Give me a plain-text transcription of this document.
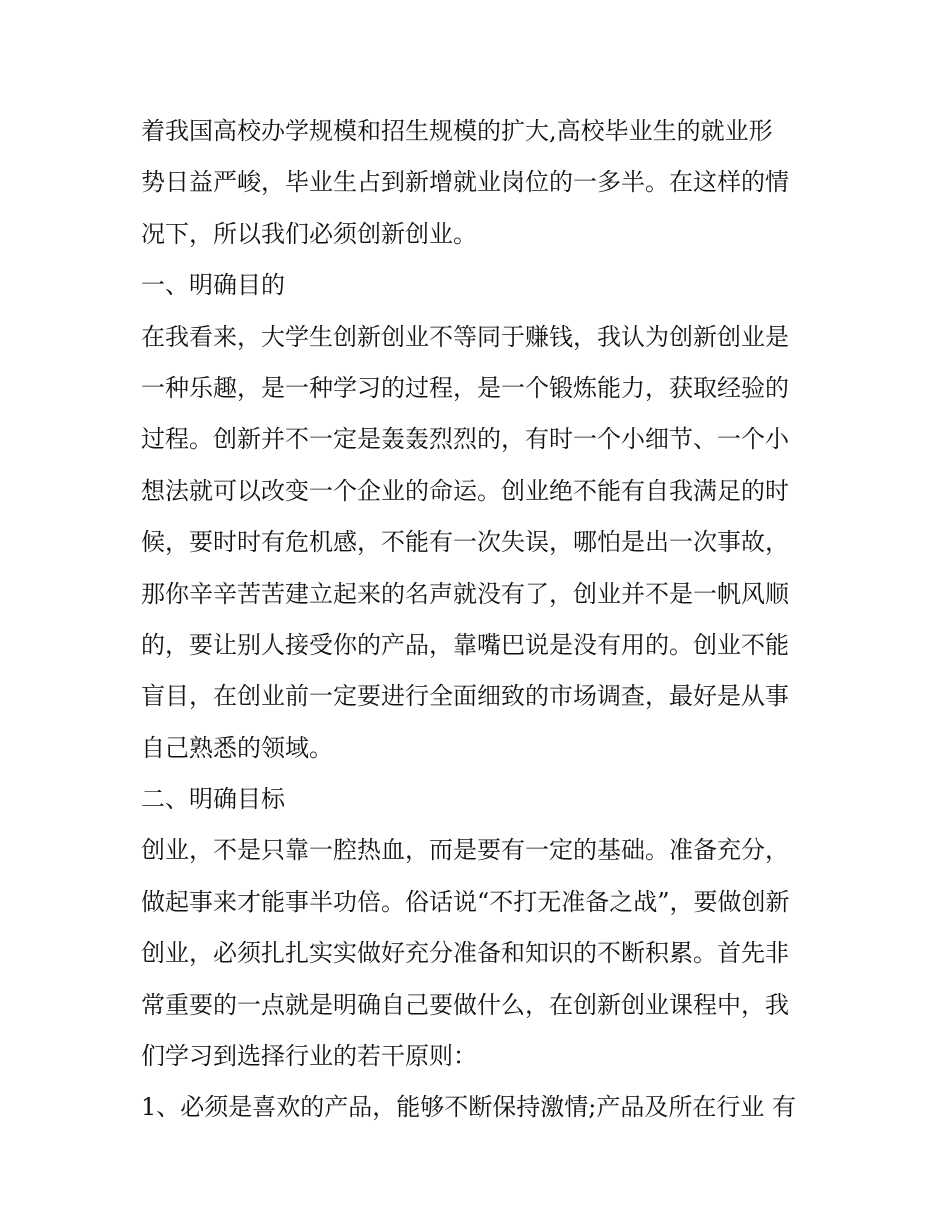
着我国高校办学规模和招生规模的扩大,高校毕业生的就业形
势日益严峻，毕业生占到新增就业岗位的一多半。在这样的情
况下，所以我们必须创新创业。
一、明确目的
在我看来，大学生创新创业不等同于赚钱，我认为创新创业是
一种乐趣，是一种学习的过程，是一个锻炼能力，获取经验的
过程。创新并不一定是轰轰烈烈的，有时一个小细节、一个小
想法就可以改变一个企业的命运。创业绝不能有自我满足的时
候，要时时有危机感，不能有一次失误，哪怕是出一次事故，
那你辛辛苦苦建立起来的名声就没有了，创业并不是一帆风顺
的，要让别人接受你的产品，靠嘴巴说是没有用的。创业不能
盲目，在创业前一定要进行全面细致的市场调查，最好是从事
自己熟悉的领域。
二、明确目标
创业，不是只靠一腔热血，而是要有一定的基础。准备充分，
做起事来才能事半功倍。俗话说“不打无准备之战”，要做创新
创业，必须扎扎实实做好充分准备和知识的不断积累。首先非
常重要的一点就是明确自己要做什么，在创新创业课程中，我
们学习到选择行业的若干原则：
1、必须是喜欢的产品，能够不断保持激情;产品及所在行业 有
